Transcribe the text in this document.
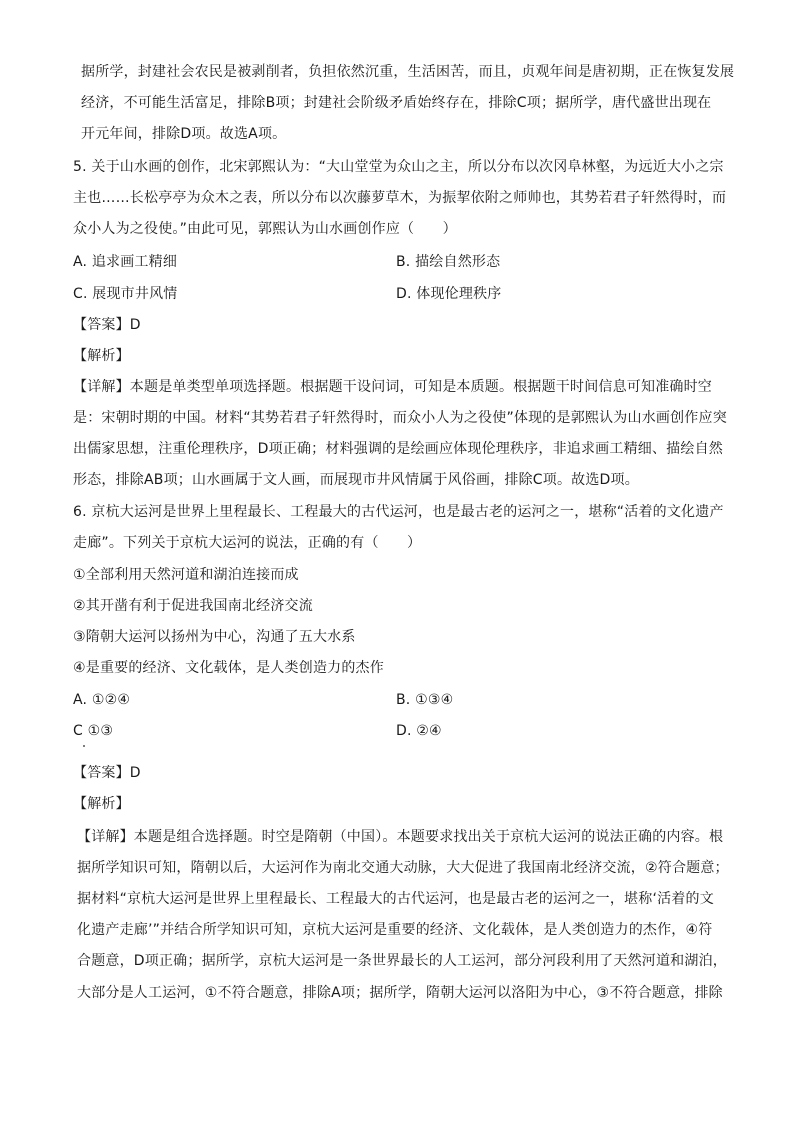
据所学，封建社会农民是被剥削者，负担依然沉重，生活困苦，而且，贞观年间是唐初期，正在恢复发展
经济，不可能生活富足，排除B项；封建社会阶级矛盾始终存在，排除C项；据所学，唐代盛世出现在
开元年间，排除D项。故选A项。
5. 关于山水画的创作，北宋郭熙认为：“大山堂堂为众山之主，所以分布以次冈阜林壑，为远近大小之宗
主也……长松亭亭为众木之表，所以分布以次藤萝草木，为振挈依附之师帅也，其势若君子轩然得时，而
众小人为之役使。”由此可见，郭熙认为山水画创作应（　　）
A. 追求画工精细	B. 描绘自然形态
C. 展现市井风情	D. 体现伦理秩序
【答案】D
【解析】
【详解】本题是单类型单项选择题。根据题干设问词，可知是本质题。根据题干时间信息可知准确时空
是：宋朝时期的中国。材料“其势若君子轩然得时，而众小人为之役使”体现的是郭熙认为山水画创作应突
出儒家思想，注重伦理秩序，D项正确；材料强调的是绘画应体现伦理秩序，非追求画工精细、描绘自然
形态，排除AB项；山水画属于文人画，而展现市井风情属于风俗画，排除C项。故选D项。
6. 京杭大运河是世界上里程最长、工程最大的古代运河，也是最古老的运河之一，堪称“活着的文化遗产
走廊”。下列关于京杭大运河的说法，正确的有（　　）
①全部利用天然河道和湖泊连接而成
②其开凿有利于促进我国南北经济交流
③隋朝大运河以扬州为中心，沟通了五大水系
④是重要的经济、文化载体，是人类创造力的杰作
A. ①②④	B. ①③④
C ①③	D. ②④
【答案】D
【解析】
【详解】本题是组合选择题。时空是隋朝（中国）。本题要求找出关于京杭大运河的说法正确的内容。根
据所学知识可知，隋朝以后，大运河作为南北交通大动脉，大大促进了我国南北经济交流，②符合题意；
据材料“京杭大运河是世界上里程最长、工程最大的古代运河，也是最古老的运河之一，堪称‘活着的文
化遗产走廊’”并结合所学知识可知，京杭大运河是重要的经济、文化载体，是人类创造力的杰作，④符
合题意，D项正确；据所学，京杭大运河是一条世界最长的人工运河，部分河段利用了天然河道和湖泊，
大部分是人工运河，①不符合题意，排除A项；据所学，隋朝大运河以洛阳为中心，③不符合题意，排除
